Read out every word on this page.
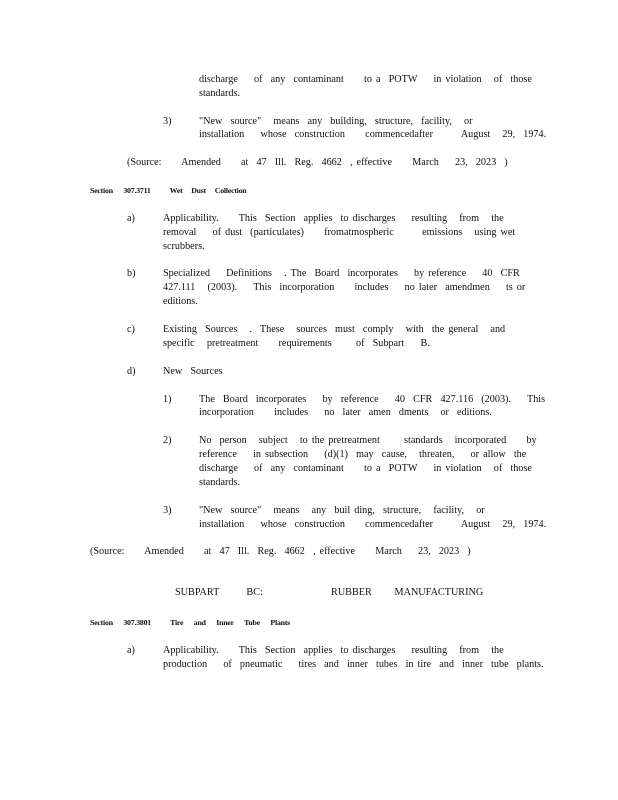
discharge    of  any  contaminant     to a  POTW    in violation   of  those
standards.
3)	"New  source"   means  any  building,  structure,  facility,   or
installation    whose  construction     commencedafter       August   29,  1974.
(Source:     Amended     at  47  Ill.  Reg.  4662  , effective     March    23,  2023  )
Section      307.3711           Wet     Dust     Collection
a)	Applicability.     This  Section  applies  to discharges    resulting   from   the
removal    of dust  (particulates)     fromatmospheric       emissions   using wet
scrubbers.
b)	Specialized    Definitions   . The  Board  incorporates    by reference    40  CFR
427.111   (2003).    This  incorporation     includes    no later  amendmen    ts or
editions.
c)	Existing  Sources   .  These   sources  must  comply   with  the general   and
specific   pretreatment     requirements      of  Subpart    B.
d)	New  Sources
1)	The  Board  incorporates    by  reference    40  CFR  427.116  (2003).    This
incorporation     includes    no  later  amen  dments   or  editions.
2)	No  person   subject   to the pretreatment      standards   incorporated     by
reference    in subsection    (d)(1)  may  cause,   threaten,    or allow  the
discharge    of  any  contaminant     to a  POTW    in violation   of  those
standards.
3)	"New  source"   means   any  buil ding,  structure,   facility,   or
installation    whose  construction     commencedafter       August   29,  1974.
(Source:     Amended     at  47  Ill.  Reg.  4662  , effective     March    23,  2023  )
SUBPART      BC:               RUBBER     MANUFACTURING
Section      307.3801           Tire      and      Inner      Tube      Plants
a)	Applicability.     This  Section  applies  to discharges    resulting   from   the
production    of  pneumatic    tires  and  inner  tubes  in tire  and  inner  tube  plants.
